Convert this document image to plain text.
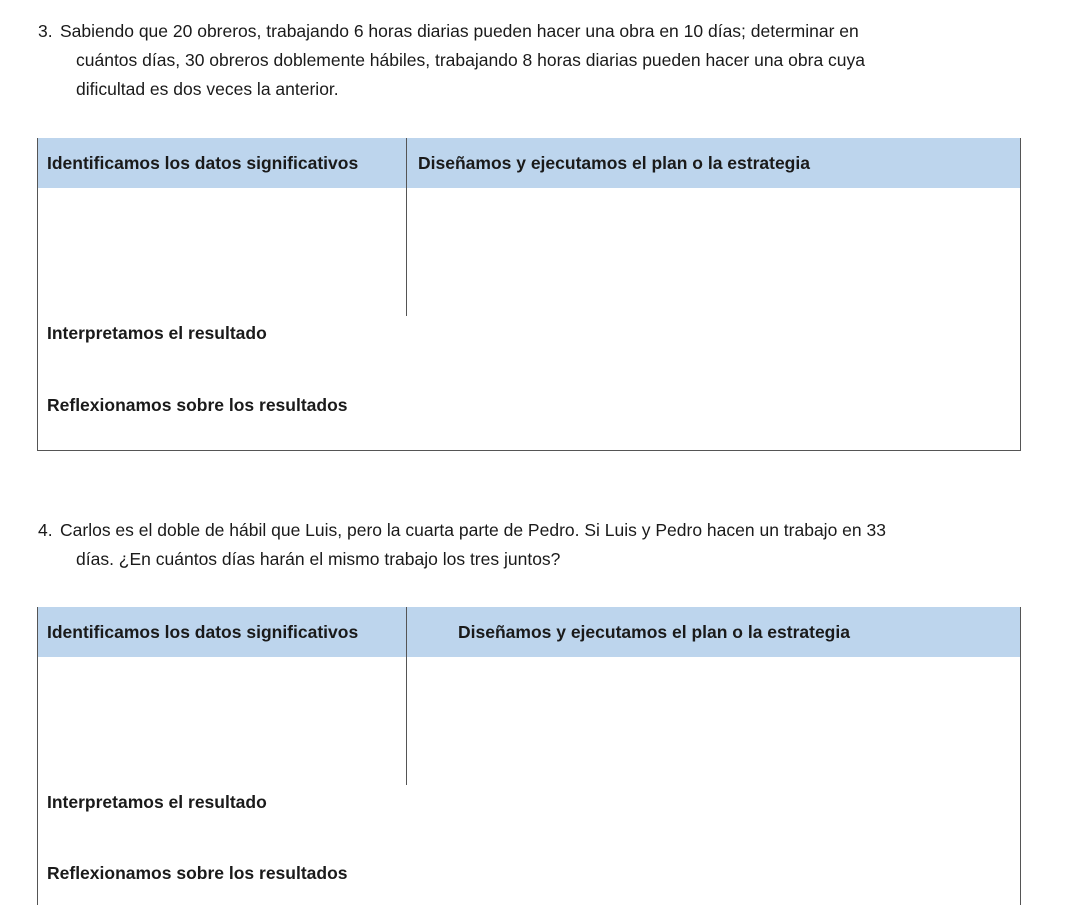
3. Sabiendo que 20 obreros, trabajando 6 horas diarias pueden hacer una obra en 10 días; determinar en
cuántos días, 30 obreros doblemente hábiles, trabajando 8 horas diarias pueden hacer una obra cuya
dificultad es dos veces la anterior.
Identificamos los datos significativos	Diseñamos y ejecutamos el plan o la estrategia
Interpretamos el resultado
Reflexionamos sobre los resultados
4. Carlos es el doble de hábil que Luis, pero la cuarta parte de Pedro. Si Luis y Pedro hacen un trabajo en 33
días. ¿En cuántos días harán el mismo trabajo los tres juntos?
Identificamos los datos significativos	Diseñamos y ejecutamos el plan o la estrategia
Interpretamos el resultado
Reflexionamos sobre los resultados
